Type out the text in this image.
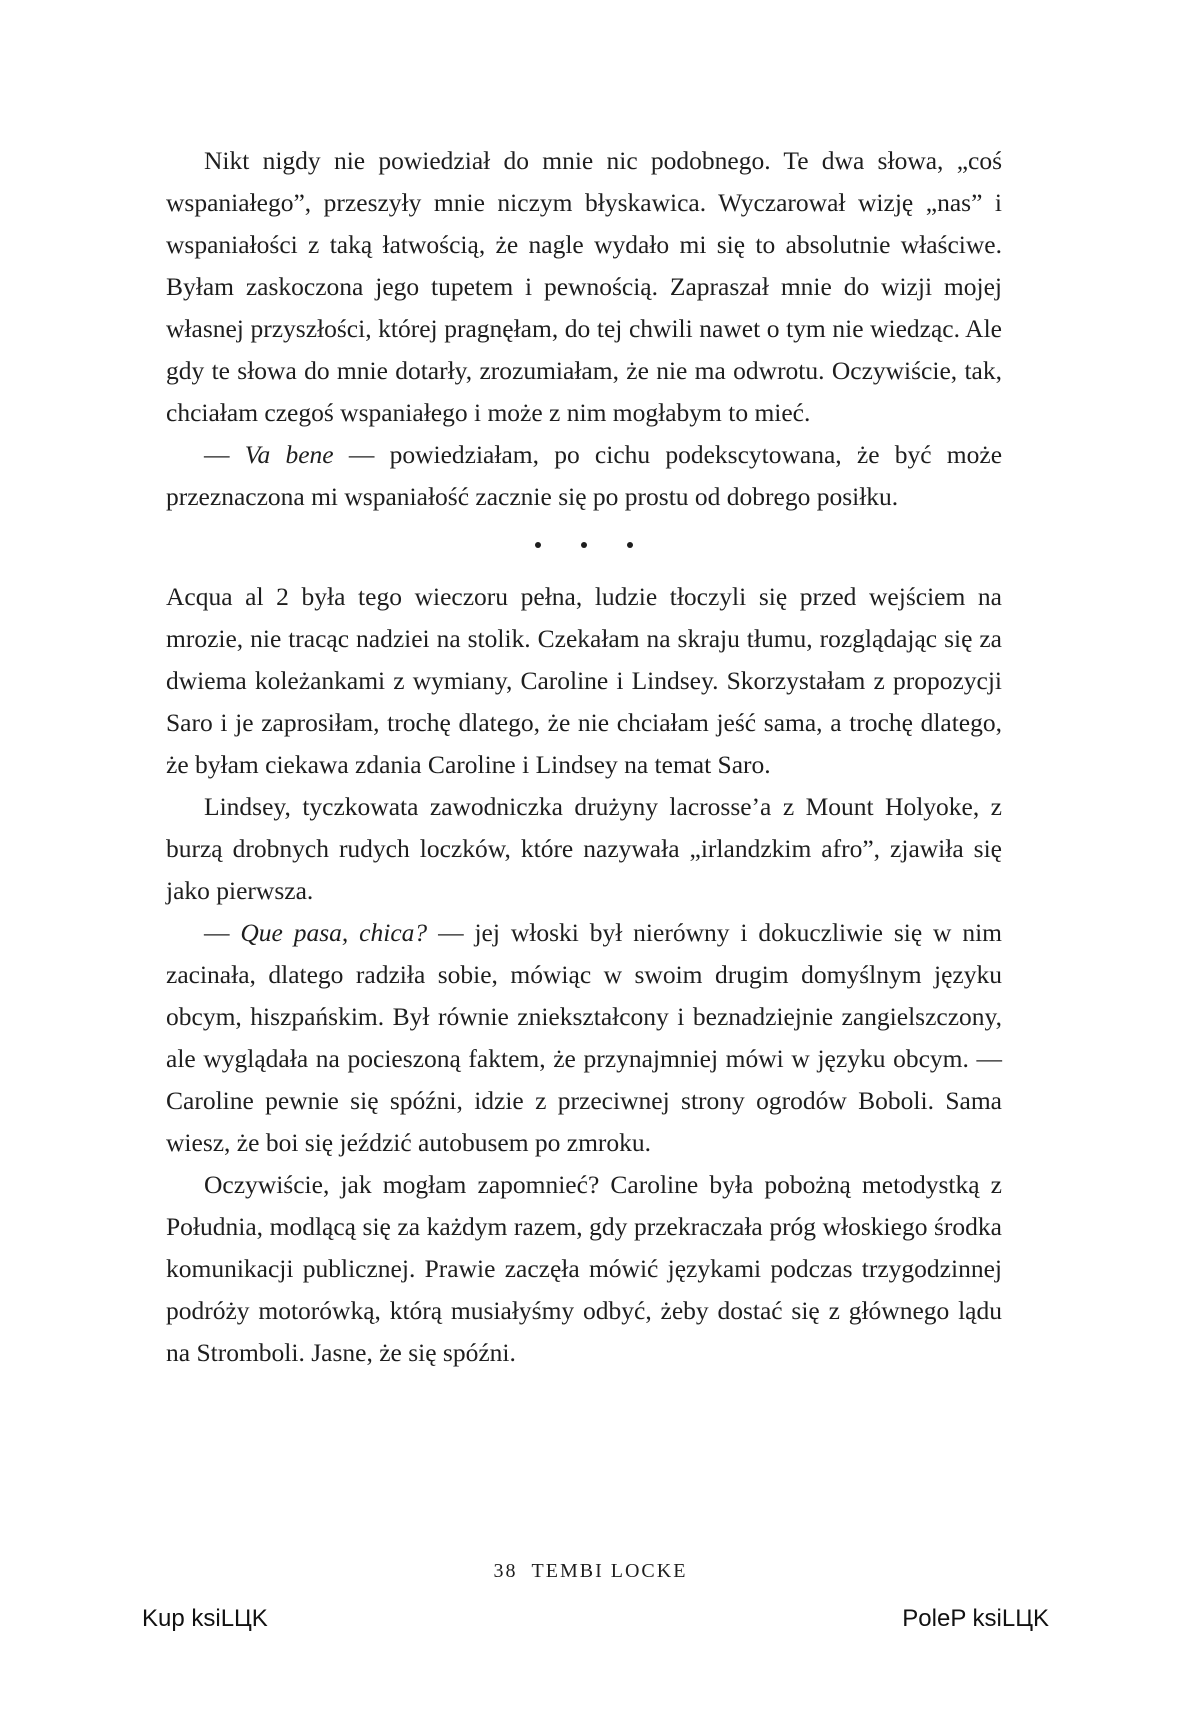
Nikt nigdy nie powiedział do mnie nic podobnego. Te dwa słowa, „coś wspaniałego”, przeszyły mnie niczym błyskawica. Wyczarował wizję „nas” i wspaniałości z taką łatwością, że nagle wydało mi się to absolutnie właściwe. Byłam zaskoczona jego tupetem i pewnością. Zapraszał mnie do wizji mojej własnej przyszłości, której pragnęłam, do tej chwili nawet o tym nie wiedząc. Ale gdy te słowa do mnie dotarły, zrozumiałam, że nie ma odwrotu. Oczywiście, tak, chciałam czegoś wspaniałego i może z nim mogłabym to mieć.

— Va bene — powiedziałam, po cichu podekscytowana, że być może przeznaczona mi wspaniałość zacznie się po prostu od dobrego posiłku.

Acqua al 2 była tego wieczoru pełna, ludzie tłoczyli się przed wejściem na mrozie, nie tracąc nadziei na stolik. Czekałam na skraju tłumu, rozglądając się za dwiema koleżankami z wymiany, Caroline i Lindsey. Skorzystałam z propozycji Saro i je zaprosiłam, trochę dlatego, że nie chciałam jeść sama, a trochę dlatego, że byłam ciekawa zdania Caroline i Lindsey na temat Saro.

Lindsey, tyczkowata zawodniczka drużyny lacrosse’a z Mount Holyoke, z burzą drobnych rudych loczków, które nazywała „irlandzkim afro”, zjawiła się jako pierwsza.

— Que pasa, chica? — jej włoski był nierówny i dokuczliwie się w nim zacinała, dlatego radziła sobie, mówiąc w swoim drugim domyślnym języku obcym, hiszpańskim. Był równie zniekształcony i beznadziejnie zangielszczony, ale wyglądała na pocieszoną faktem, że przynajmniej mówi w języku obcym. — Caroline pewnie się spóźni, idzie z przeciwnej strony ogrodów Boboli. Sama wiesz, że boi się jeździć autobusem po zmroku.

Oczywiście, jak mogłam zapomnieć? Caroline była pobożną metodystką z Południa, modlącą się za każdym razem, gdy przekraczała próg włoskiego środka komunikacji publicznej. Prawie zaczęła mówić językami podczas trzygodzinnej podróży motorówką, którą musiałyśmy odbyć, żeby dostać się z głównego lądu na Stromboli. Jasne, że się spóźni.

38 TEMBI LOCKE
Kup ksiLЦK	PoleP ksiLЦK
